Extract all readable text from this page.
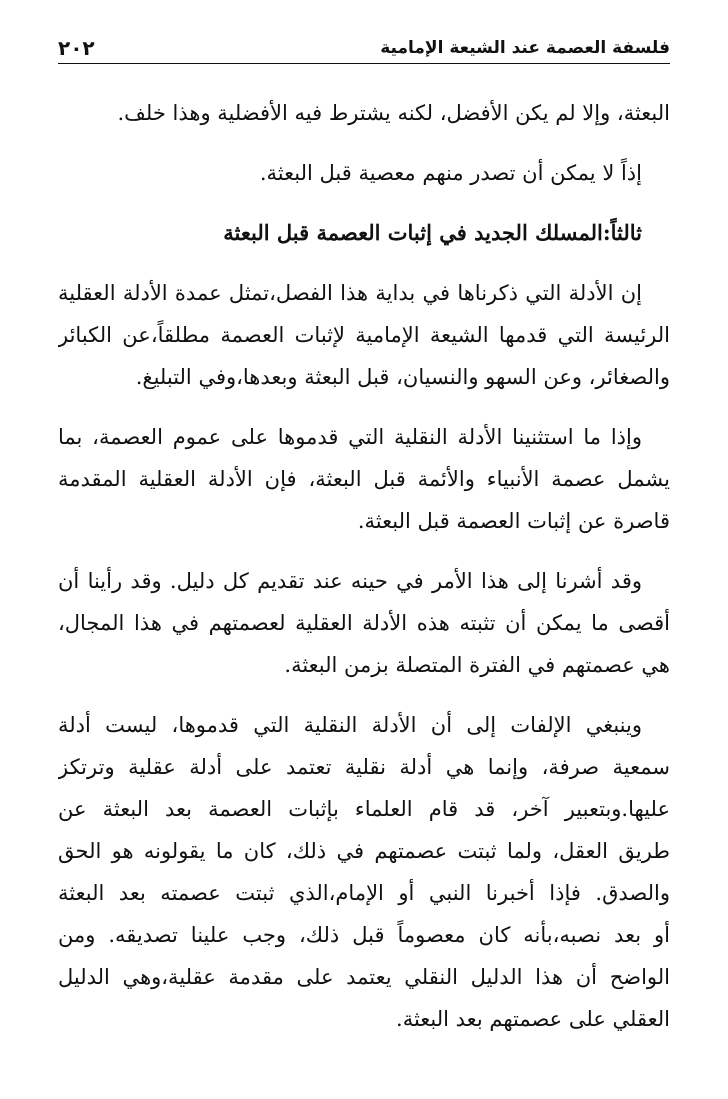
فلسفة العصمة عند الشيعة الإمامية
٢٠٢
البعثة، وإلا لم يكن الأفضل، لكنه يشترط فيه الأفضلية وهذا خلف.
إذاً لا يمكن أن تصدر منهم معصية قبل البعثة.
ثالثاً:المسلك الجديد في إثبات العصمة قبل البعثة
إن الأدلة التي ذكرناها في بداية هذا الفصل،تمثل عمدة الأدلة العقلية
الرئيسة التي قدمها الشيعة الإمامية لإثبات العصمة مطلقاً،عن الكبائر
والصغائر، وعن السهو والنسيان، قبل البعثة وبعدها،وفي التبليغ.
وإذا ما استثنينا الأدلة النقلية التي قدموها على عموم العصمة، بما
يشمل عصمة الأنبياء والأئمة قبل البعثة، فإن الأدلة العقلية المقدمة
قاصرة عن إثبات العصمة قبل البعثة.
وقد أشرنا إلى هذا الأمر في حينه عند تقديم كل دليل. وقد رأينا أن
أقصى ما يمكن أن تثبته هذه الأدلة العقلية لعصمتهم في هذا المجال،
هي عصمتهم في الفترة المتصلة بزمن البعثة.
وينبغي الإلفات إلى أن الأدلة النقلية التي قدموها، ليست أدلة
سمعية صرفة، وإنما هي أدلة نقلية تعتمد على أدلة عقلية وترتكز
عليها.وبتعبير آخر، قد قام العلماء بإثبات العصمة بعد البعثة عن
طريق العقل، ولما ثبتت عصمتهم في ذلك، كان ما يقولونه هو الحق
والصدق. فإذا أخبرنا النبي أو الإمام،الذي ثبتت عصمته بعد البعثة
أو بعد نصبه،بأنه كان معصوماً قبل ذلك، وجب علينا تصديقه. ومن
الواضح أن هذا الدليل النقلي يعتمد على مقدمة عقلية،وهي الدليل
العقلي على عصمتهم بعد البعثة.
